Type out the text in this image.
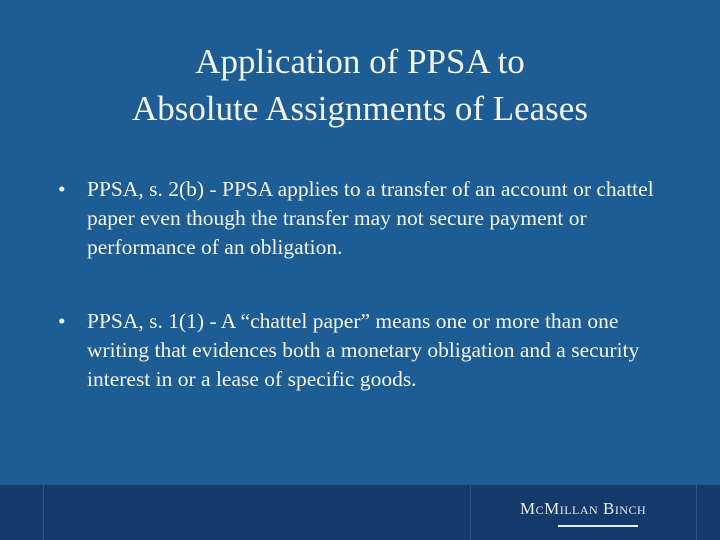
Application of PPSA to
Absolute Assignments of Leases
• PPSA, s. 2(b) - PPSA applies to a transfer of an account or chattel paper even though the transfer may not secure payment or performance of an obligation.
• PPSA, s. 1(1) - A “chattel paper” means one or more than one writing that evidences both a monetary obligation and a security interest in or a lease of specific goods.
McMillan Binch
